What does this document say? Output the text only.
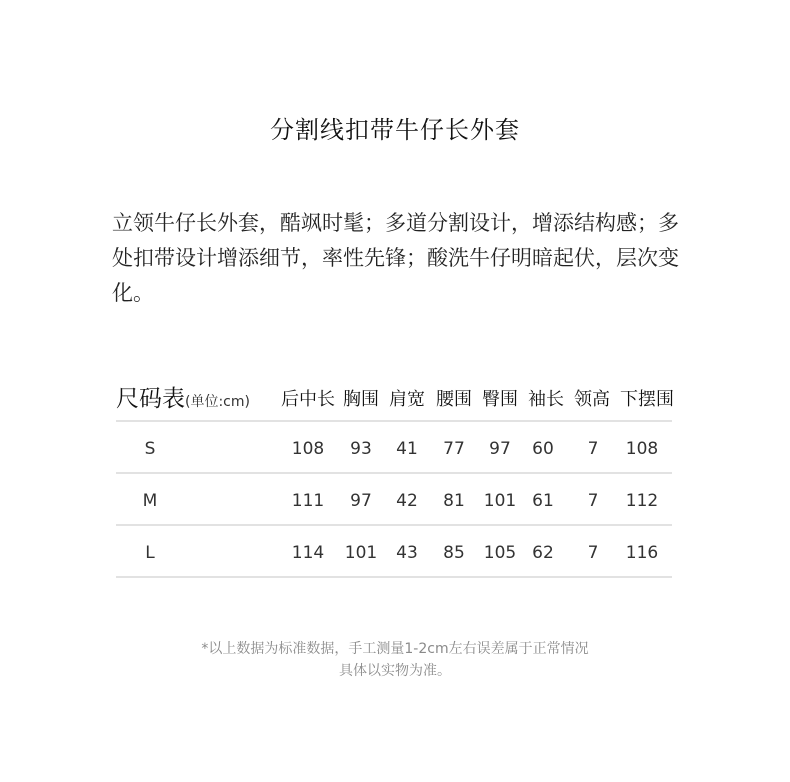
分割线扣带牛仔长外套
立领牛仔长外套，酷飒时髦；多道分割设计，增添结构感；多处扣带设计增添细节，率性先锋；酸洗牛仔明暗起伏，层次变化。
尺码表(单位:cm) 后中长 胸围 肩宽 腰围 臀围 袖长 领高 下摆围
S	108 93 41 77 97 60 7 108
M	111 97 42 81 101 61 7 112
L	114 101 43 85 105 62 7 116
*以上数据为标准数据，手工测量1-2cm左右误差属于正常情况
具体以实物为准。
